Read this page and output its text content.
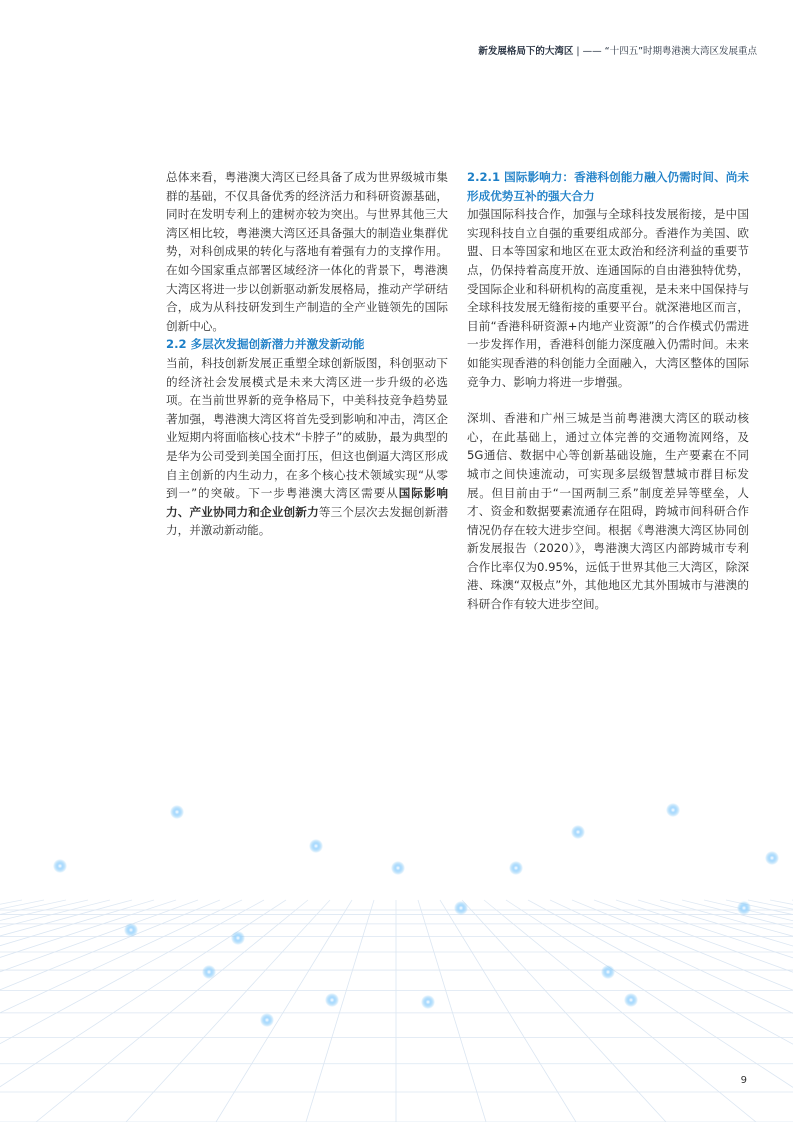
新发展格局下的大湾区 | —— “十四五”时期粤港澳大湾区发展重点

总体来看，粤港澳大湾区已经具备了成为世界级城市集群的基础，不仅具备优秀的经济活力和科研资源基础，同时在发明专利上的建树亦较为突出。与世界其他三大湾区相比较，粤港澳大湾区还具备强大的制造业集群优势，对科创成果的转化与落地有着强有力的支撑作用。在如今国家重点部署区域经济一体化的背景下，粤港澳大湾区将进一步以创新驱动新发展格局，推动产学研结合，成为从科技研发到生产制造的全产业链领先的国际创新中心。

2.2 多层次发掘创新潜力并激发新动能

当前，科技创新发展正重塑全球创新版图，科创驱动下的经济社会发展模式是未来大湾区进一步升级的必选项。在当前世界新的竞争格局下，中美科技竞争趋势显著加强，粤港澳大湾区将首先受到影响和冲击，湾区企业短期内将面临核心技术“卡脖子”的威胁，最为典型的是华为公司受到美国全面打压，但这也倒逼大湾区形成自主创新的内生动力，在多个核心技术领域实现“从零到一”的突破。下一步粤港澳大湾区需要从国际影响力、产业协同力和企业创新力等三个层次去发掘创新潜力，并激动新动能。

2.2.1 国际影响力：香港科创能力融入仍需时间、尚未形成优势互补的强大合力

加强国际科技合作，加强与全球科技发展衔接，是中国实现科技自立自强的重要组成部分。香港作为美国、欧盟、日本等国家和地区在亚太政治和经济利益的重要节点，仍保持着高度开放、连通国际的自由港独特优势，受国际企业和科研机构的高度重视，是未来中国保持与全球科技发展无缝衔接的重要平台。就深港地区而言，目前“香港科研资源+内地产业资源”的合作模式仍需进一步发挥作用，香港科创能力深度融入仍需时间。未来如能实现香港的科创能力全面融入，大湾区整体的国际竞争力、影响力将进一步增强。

深圳、香港和广州三城是当前粤港澳大湾区的联动核心，在此基础上，通过立体完善的交通物流网络，及5G通信、数据中心等创新基础设施，生产要素在不同城市之间快速流动，可实现多层级智慧城市群目标发展。但目前由于“一国两制三系”制度差异等壁垒，人才、资金和数据要素流通存在阻碍，跨城市间科研合作情况仍存在较大进步空间。根据《粤港澳大湾区协同创新发展报告（2020）》，粤港澳大湾区内部跨城市专利合作比率仅为0.95%，远低于世界其他三大湾区，除深港、珠澳“双极点”外，其他地区尤其外围城市与港澳的科研合作有较大进步空间。

9
